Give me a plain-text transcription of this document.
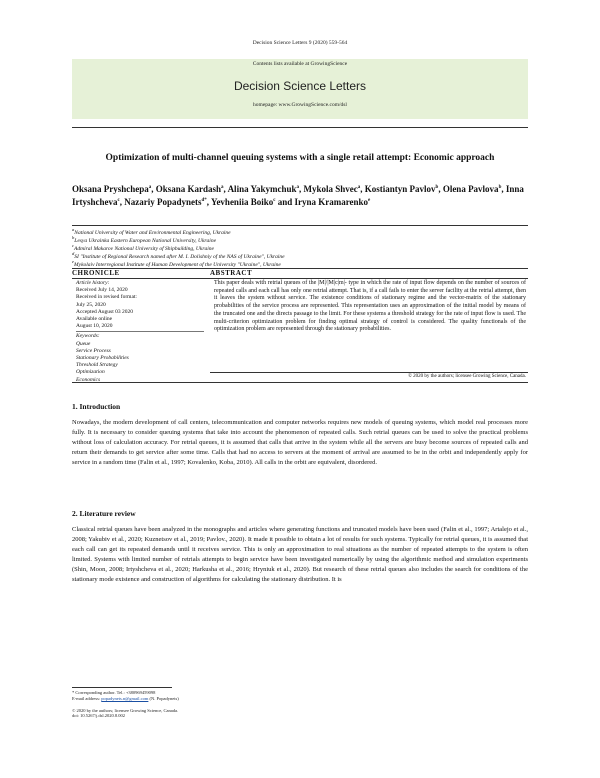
Decision Science Letters 9 (2020) 559-564
Contents lists available at GrowingScience
Decision Science Letters
homepage: www.GrowingScience.com/dsl
Optimization of multi-channel queuing systems with a single retail attempt: Economic approach
Oksana Pryshchepa$^a$, Oksana Kardash$^a$, Alina Yakymchuk$^a$, Mykola Shvec$^a$, Kostiantyn Pavlov$^b$, Olena Pavlova$^b$, Inna Irtyshcheva$^c$, Nazariy Popadynets$^{d*}$, Yevheniia Boiko$^c$ and Iryna Kramarenko$^e$
$^a$National University of Water and Environmental Engineering, Ukraine
$^b$Lesya Ukrainka Eastern European National University, Ukraine
$^c$Admiral Makarov National University of Shipbuilding, Ukraine
$^d$SI "Institute of Regional Research named after M. I. Dolishniy of the NAS of Ukraine", Ukraine
$^e$Mykolaiv Interregional Institute of Human Development of the University "Ukraine", Ukraine
CHRONICLE	ABSTRACT
Article history:
Received July 14, 2020
Received in revised format:
July 25, 2020
Accepted August 03 2020
Available online
August 10, 2020
Keywords:
Queue
Service Process
Stationary Probabilities
Threshold Strategy
Optimization
Economics
This paper deals with retrial queues of the |M|/|M|c|m|- type in which the rate of input flow depends on the number of sources of repeated calls and each call has only one retrial attempt. That is, if a call fails to enter the server facility at the retrial attempt, then it leaves the system without service. The existence conditions of stationary regime and the vector-matrix of the stationary probabilities of the service process are represented. This representation uses an approximation of the initial model by means of the truncated one and the directs passage to the limit. For these systems a threshold strategy for the rate of input flow is used. The multi-criterion optimization problem for finding optimal strategy of control is considered. The quality functionals of the optimization problem are represented through the stationary probabilities.
© 2020 by the authors; licensee Growing Science, Canada.
1. Introduction
Nowadays, the modern development of call centers, telecommunication and computer networks requires new models of queuing systems, which model real processes more fully. It is necessary to consider queuing systems that take into account the phenomenon of repeated calls. Such retrial queues can be used to solve the practical problems without loss of calculation accuracy. For retrial queues, it is assumed that calls that arrive in the system while all the servers are busy become sources of repeated calls and return their demands to get service after some time. Calls that had no access to servers at the moment of arrival are assumed to be in the orbit and independently apply for service in a random time (Falin et al., 1997; Kovalenko, Koba, 2010). All calls in the orbit are equivalent, disordered.
2. Literature review
Classical retrial queues have been analyzed in the monographs and articles where generating functions and truncated models have been used (Falin et al., 1997; Artalejo et al., 2008; Yakubiv et al., 2020; Kuznetsov et al., 2019; Pavlov., 2020). It made it possible to obtain a lot of results for such systems. Typically for retrial queues, it is assumed that each call can get its repeated demands until it receives service. This is only an approximation to real situations as the number of repeated attempts to the system is often limited. Systems with limited number of retrials attempts to begin service have been investigated numerically by using the algorithmic method and simulation experiments (Shin, Moon, 2008; Irtyshcheva et al., 2020; Harkusha et al., 2016; Hryniuk et al., 2020). But research of these retrial queues also includes the search for conditions of the stationary mode existence and construction of algorithms for calculating the stationary distribution. It is
* Corresponding author. Tel.: +380969459098
E-mail address: popadynets.n@gmail.com (N. Popadynets)
© 2020 by the authors; licensee Growing Science, Canada.
doi: 10.5267/j.dsl.2020.8.002
